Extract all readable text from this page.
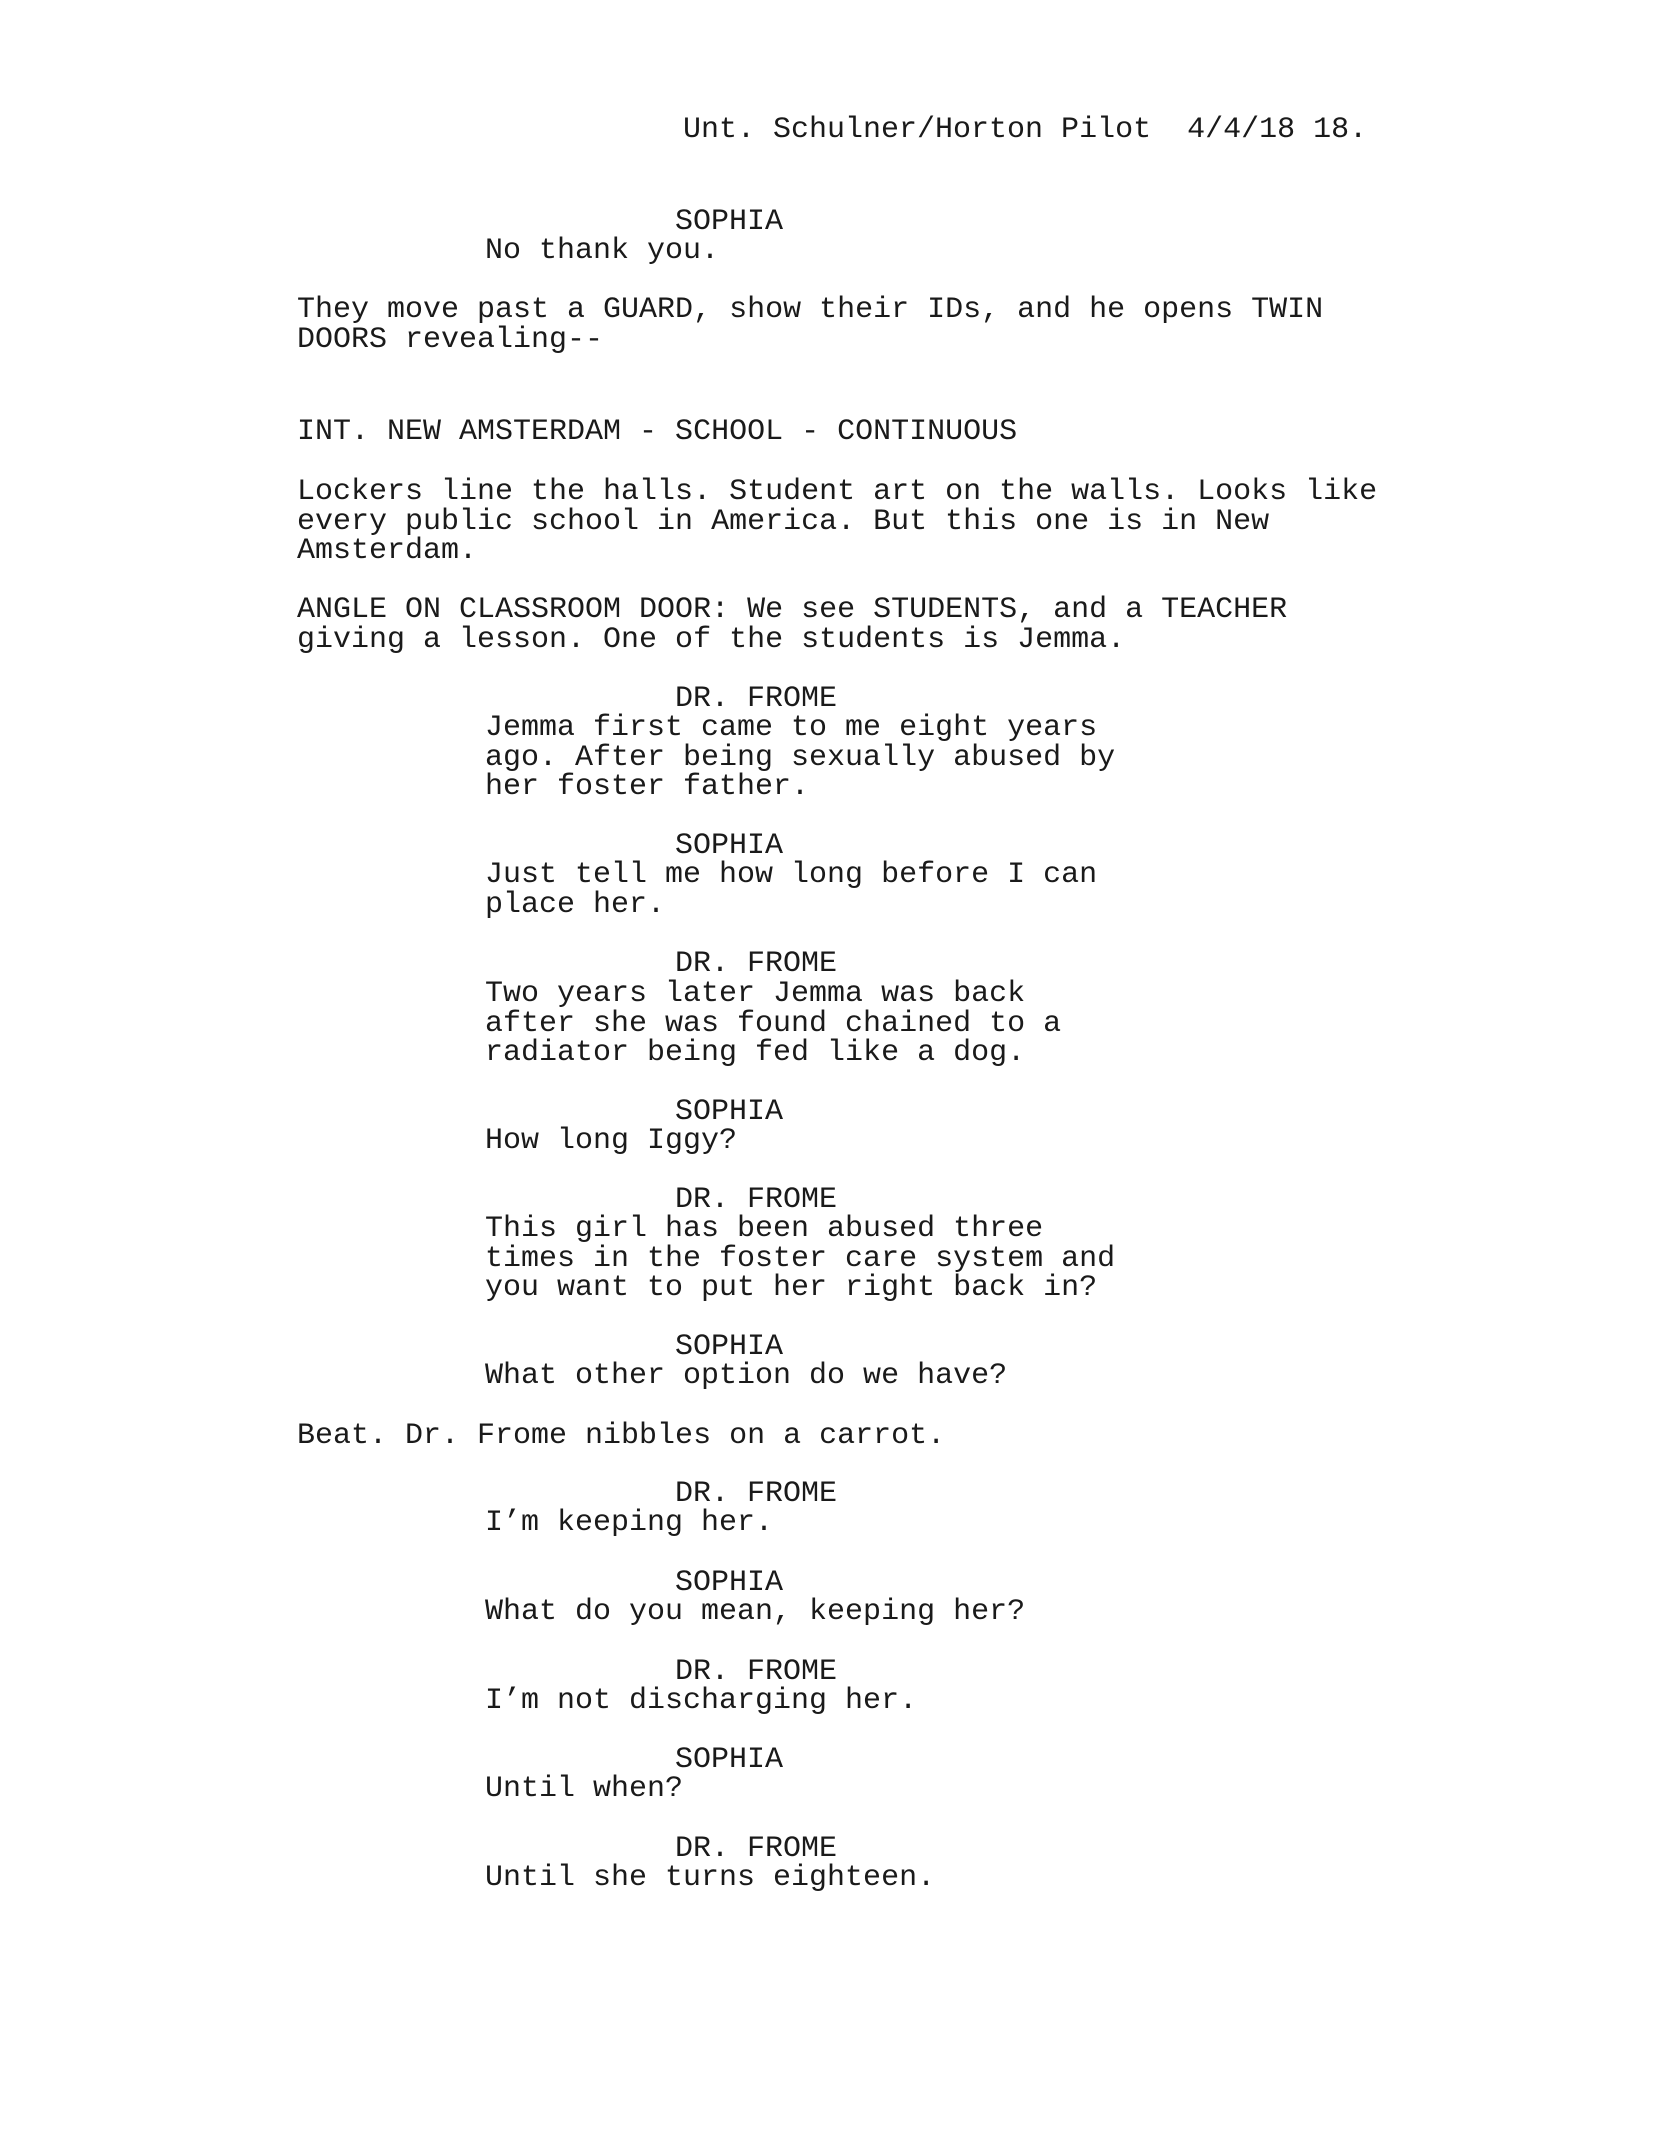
Unt. Schulner/Horton Pilot  4/4/18 18.

SOPHIA

No thank you.

They move past a GUARD, show their IDs, and he opens TWIN
DOORS revealing--

INT. NEW AMSTERDAM - SCHOOL - CONTINUOUS

Lockers line the halls. Student art on the walls. Looks like
every public school in America. But this one is in New
Amsterdam.

ANGLE ON CLASSROOM DOOR: We see STUDENTS, and a TEACHER
giving a lesson. One of the students is Jemma.

DR. FROME

Jemma first came to me eight years
ago. After being sexually abused by
her foster father.

SOPHIA

Just tell me how long before I can
place her.

DR. FROME

Two years later Jemma was back
after she was found chained to a
radiator being fed like a dog.

SOPHIA

How long Iggy?

DR. FROME

This girl has been abused three
times in the foster care system and
you want to put her right back in?

SOPHIA

What other option do we have?

Beat. Dr. Frome nibbles on a carrot.

DR. FROME

I’m keeping her.

SOPHIA

What do you mean, keeping her?

DR. FROME

I’m not discharging her.

SOPHIA

Until when?

DR. FROME

Until she turns eighteen.
